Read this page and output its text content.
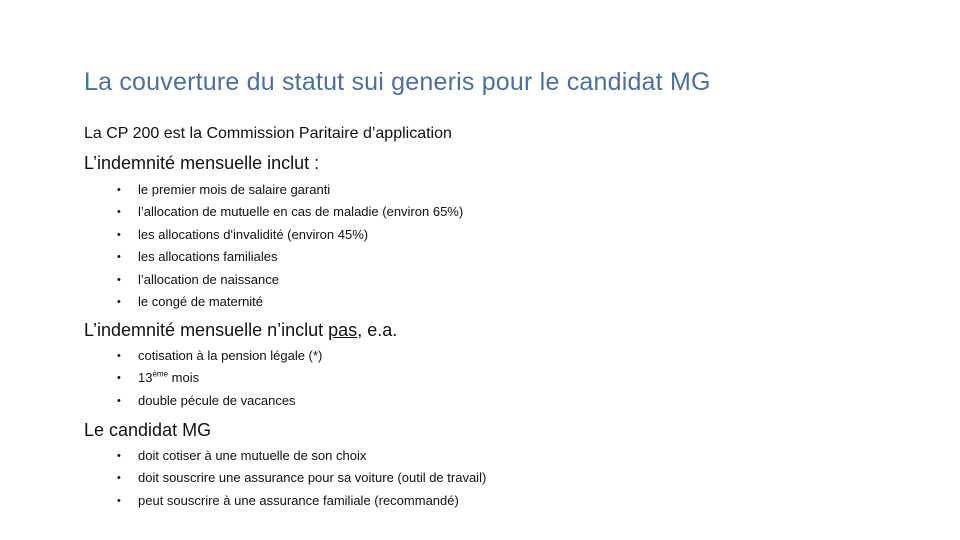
La couverture du statut sui generis pour le candidat MG
La CP 200 est la Commission Paritaire d’application
L’indemnité mensuelle inclut :
• le premier mois de salaire garanti
• l’allocation de mutuelle en cas de maladie (environ 65%)
• les allocations d'invalidité (environ 45%)
• les allocations familiales
• l’allocation de naissance
• le congé de maternité
L’indemnité mensuelle n’inclut pas, e.a.
• cotisation à la pension légale (*)
• 13ème mois
• double pécule de vacances
Le candidat MG
• doit cotiser à une mutuelle de son choix
• doit souscrire une assurance pour sa voiture (outil de travail)
• peut souscrire à une assurance familiale (recommandé)
